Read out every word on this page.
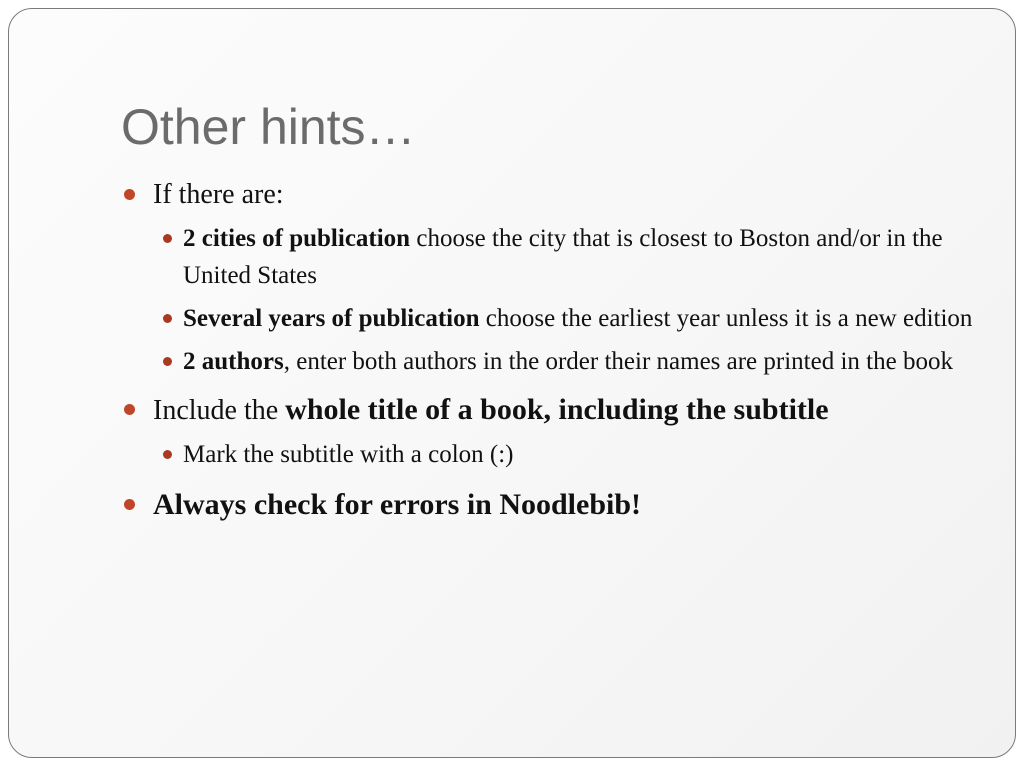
Other hints…
If there are:
2 cities of publication choose the city that is closest to Boston and/or in the United States
Several years of publication choose the earliest year unless it is a new edition
2 authors, enter both authors in the order their names are printed in the book
Include the whole title of a book, including the subtitle
Mark the subtitle with a colon (:)
Always check for errors in Noodlebib!
